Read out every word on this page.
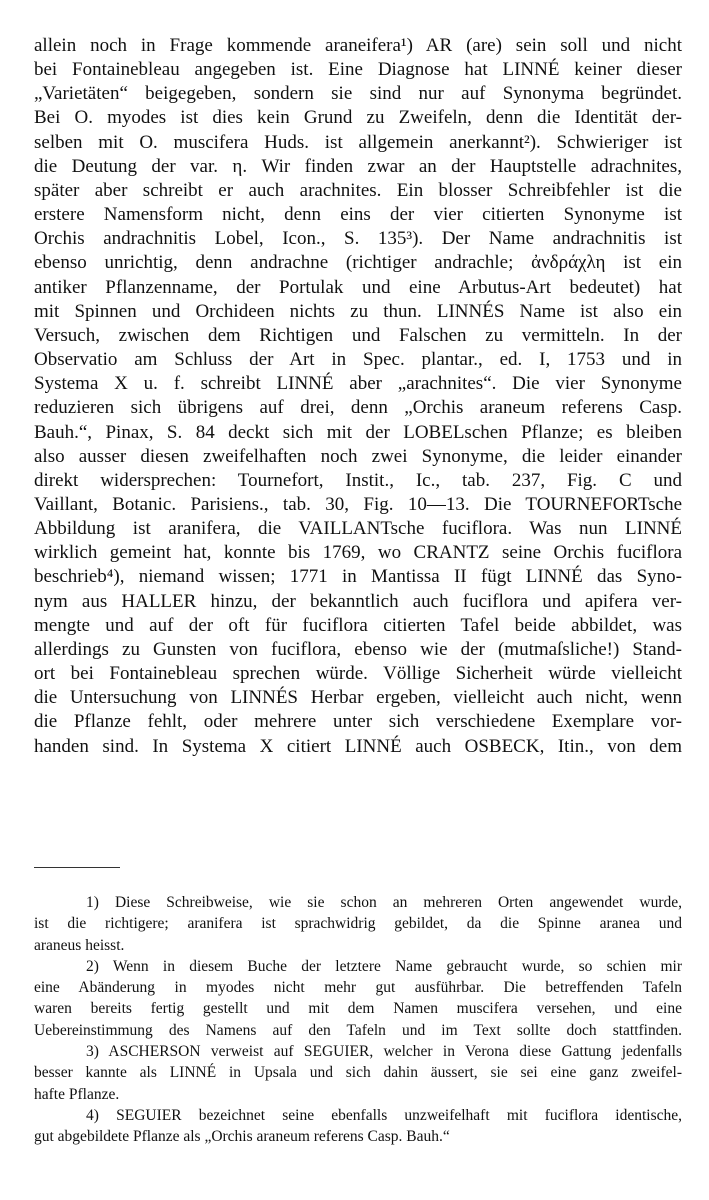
allein noch in Frage kommende araneifera¹) AR (are) sein soll und nicht
bei Fontainebleau angegeben ist. Eine Diagnose hat LINNÉ keiner dieser
„Varietäten“ beigegeben, sondern sie sind nur auf Synonyma begründet.
Bei O. myodes ist dies kein Grund zu Zweifeln, denn die Identität der-
selben mit O. muscifera Huds. ist allgemein anerkannt²). Schwieriger ist
die Deutung der var. η. Wir finden zwar an der Hauptstelle adrachnites,
später aber schreibt er auch arachnites. Ein blosser Schreibfehler ist die
erstere Namensform nicht, denn eins der vier citierten Synonyme ist
Orchis andrachnitis Lobel, Icon., S. 135³). Der Name andrachnitis ist
ebenso unrichtig, denn andrachne (richtiger andrachle; ἀνδράχλη ist ein
antiker Pflanzenname, der Portulak und eine Arbutus-Art bedeutet) hat
mit Spinnen und Orchideen nichts zu thun. LINNÉS Name ist also ein
Versuch, zwischen dem Richtigen und Falschen zu vermitteln. In der
Observatio am Schluss der Art in Spec. plantar., ed. I, 1753 und in
Systema X u. f. schreibt LINNÉ aber „arachnites“. Die vier Synonyme
reduzieren sich übrigens auf drei, denn „Orchis araneum referens Casp.
Bauh.“, Pinax, S. 84 deckt sich mit der LOBELschen Pflanze; es bleiben
also ausser diesen zweifelhaften noch zwei Synonyme, die leider einander
direkt widersprechen: Tournefort, Instit., Ic., tab. 237, Fig. C und
Vaillant, Botanic. Parisiens., tab. 30, Fig. 10—13. Die TOURNEFORTsche
Abbildung ist aranifera, die VAILLANTsche fuciflora. Was nun LINNÉ
wirklich gemeint hat, konnte bis 1769, wo CRANTZ seine Orchis fuciflora
beschrieb⁴), niemand wissen; 1771 in Mantissa II fügt LINNÉ das Syno-
nym aus HALLER hinzu, der bekanntlich auch fuciflora und apifera ver-
mengte und auf der oft für fuciflora citierten Tafel beide abbildet, was
allerdings zu Gunsten von fuciflora, ebenso wie der (mutmaſsliche!) Stand-
ort bei Fontainebleau sprechen würde. Völlige Sicherheit würde vielleicht
die Untersuchung von LINNÉS Herbar ergeben, vielleicht auch nicht, wenn
die Pflanze fehlt, oder mehrere unter sich verschiedene Exemplare vor-
handen sind. In Systema X citiert LINNÉ auch OSBECK, Itin., von dem
1) Diese Schreibweise, wie sie schon an mehreren Orten angewendet wurde,
ist die richtigere; aranifera ist sprachwidrig gebildet, da die Spinne aranea und
araneus heisst.
2) Wenn in diesem Buche der letztere Name gebraucht wurde, so schien mir
eine Abänderung in myodes nicht mehr gut ausführbar. Die betreffenden Tafeln
waren bereits fertig gestellt und mit dem Namen muscifera versehen, und eine
Uebereinstimmung des Namens auf den Tafeln und im Text sollte doch stattfinden.
3) ASCHERSON verweist auf SEGUIER, welcher in Verona diese Gattung jedenfalls
besser kannte als LINNÉ in Upsala und sich dahin äussert, sie sei eine ganz zweifel-
hafte Pflanze.
4) SEGUIER bezeichnet seine ebenfalls unzweifelhaft mit fuciflora identische,
gut abgebildete Pflanze als „Orchis araneum referens Casp. Bauh.“
